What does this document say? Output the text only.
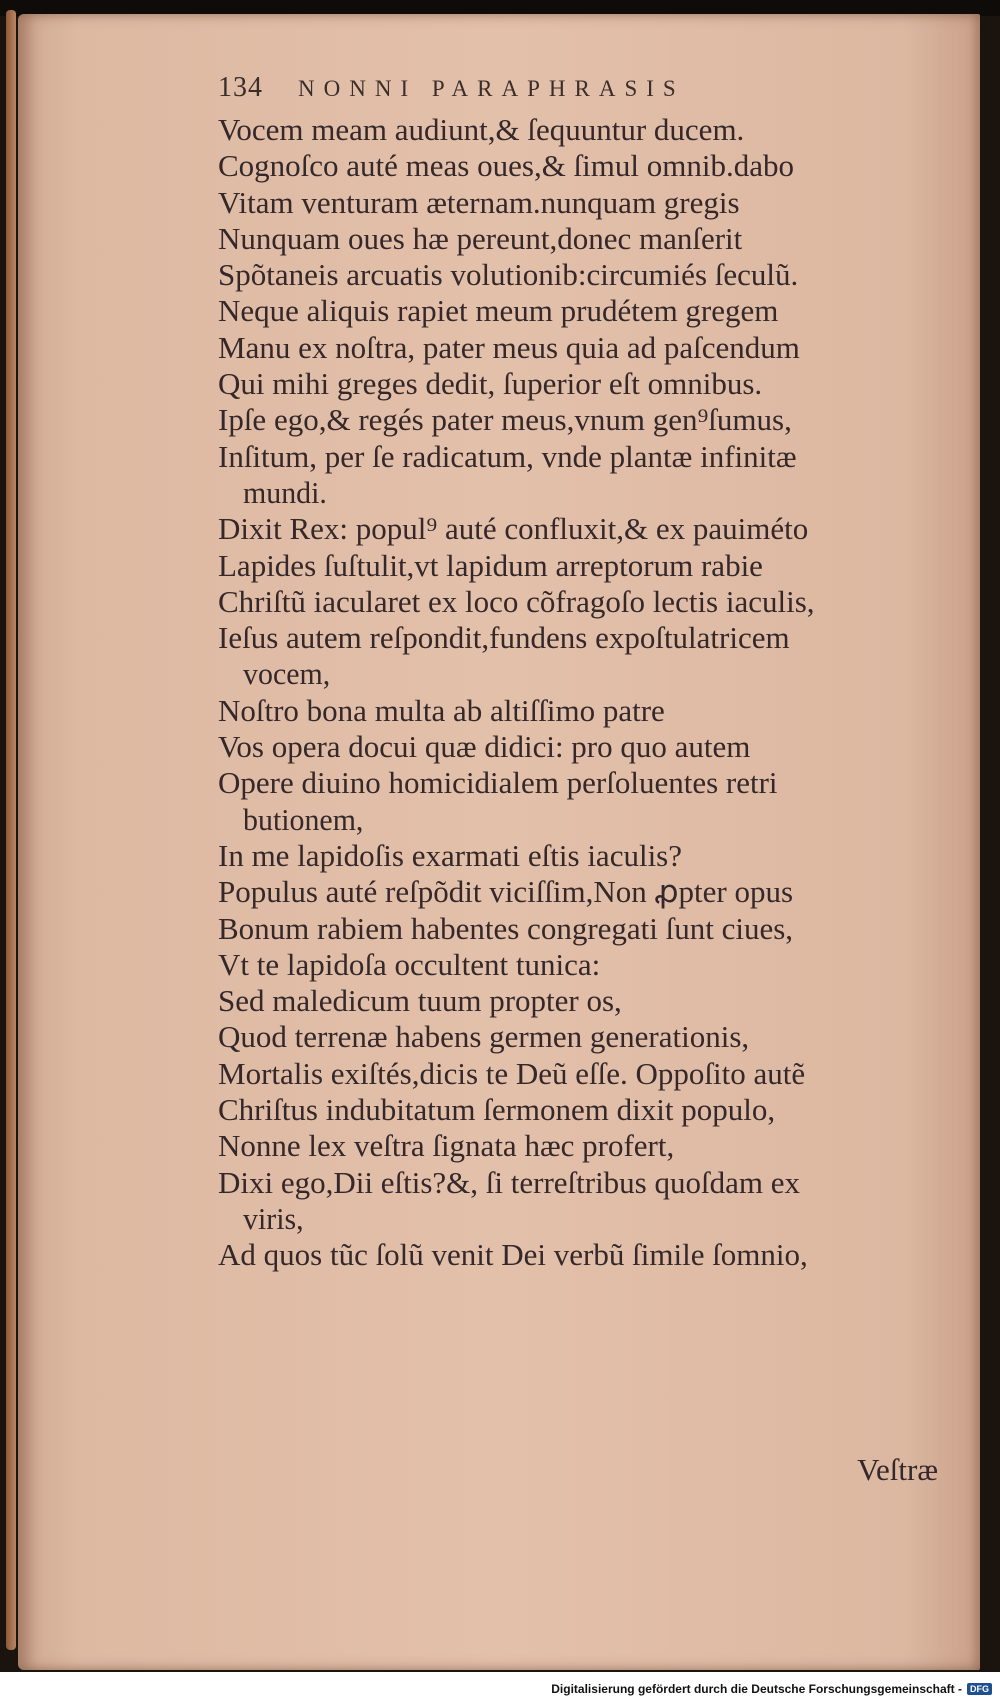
134 NONNI PARAPHRASIS
Vocem meam audiunt,& ſequuntur ducem.
Cognoſco auté meas oues,& ſimul omnib.dabo
Vitam venturam æternam.nunquam gregis
Nunquam oues hæ pereunt,donec manſerit
Spõtaneis arcuatis volutionib:circumiés ſeculũ.
Neque aliquis rapiet meum prudétem gregem
Manu ex noſtra, pater meus quia ad paſcendum
Qui mihi greges dedit, ſuperior eſt omnibus.
Ipſe ego,& regés pater meus,vnum gen⁹ſumus,
Inſitum, per ſe radicatum, vnde plantæ infinitæ
mundi.
Dixit Rex: popul⁹ auté confluxit,& ex pauiméto
Lapides ſuſtulit,vt lapidum arreptorum rabie
Chriſtũ iacularet ex loco cõfragoſo lectis iaculis,
Ieſus autem reſpondit,fundens expoſtulatricem
vocem,
Noſtro bona multa ab altiſſimo patre
Vos opera docui quæ didici: pro quo autem
Opere diuino homicidialem perſoluentes retri
butionem,
In me lapidoſis exarmati eſtis iaculis?
Populus auté reſpõdit viciſſim,Non ꝓpter opus
Bonum rabiem habentes congregati ſunt ciues,
Vt te lapidoſa occultent tunica:
Sed maledicum tuum propter os,
Quod terrenæ habens germen generationis,
Mortalis exiſtés,dicis te Deũ eſſe. Oppoſito autẽ
Chriſtus indubitatum ſermonem dixit populo,
Nonne lex veſtra ſignata hæc profert,
Dixi ego,Dii eſtis?&, ſi terreſtribus quoſdam ex
viris,
Ad quos tũc ſolũ venit Dei verbũ ſimile ſomnio,
Veſtræ
Digitalisierung gefördert durch die Deutsche Forschungsgemeinschaft - DFG
